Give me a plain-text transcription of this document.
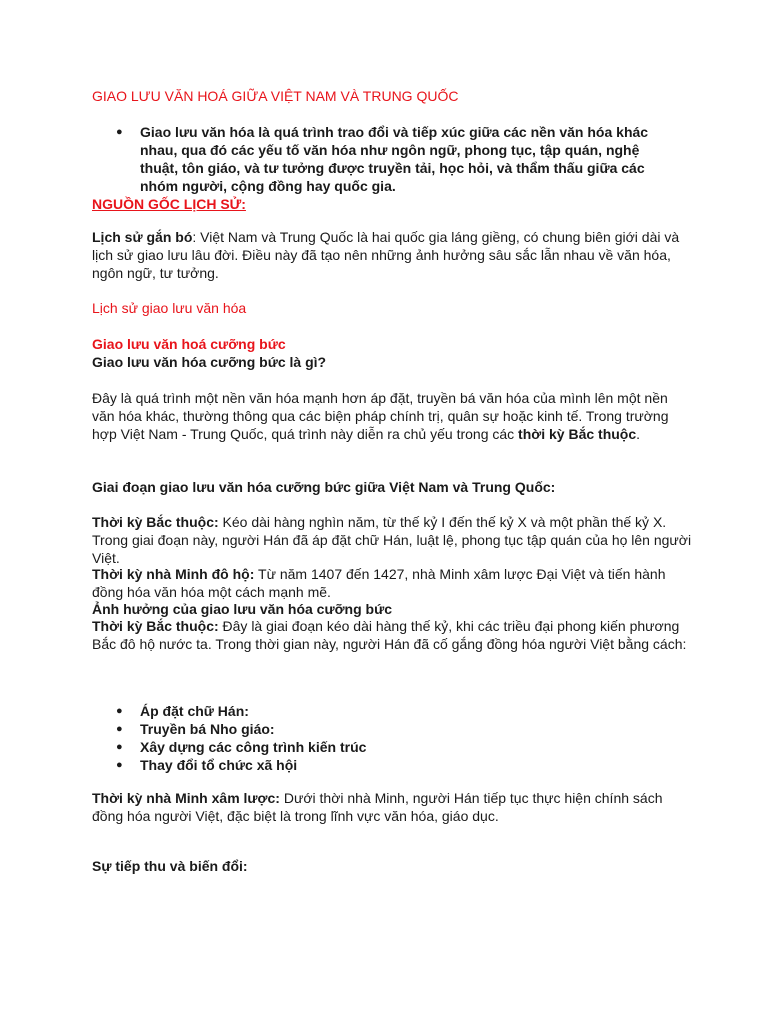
GIAO LƯU VĂN HOÁ GIỮA VIỆT NAM VÀ TRUNG QUỐC
● Giao lưu văn hóa là quá trình trao đổi và tiếp xúc giữa các nền văn hóa khác nhau, qua đó các yếu tố văn hóa như ngôn ngữ, phong tục, tập quán, nghệ thuật, tôn giáo, và tư tưởng được truyền tải, học hỏi, và thẩm thấu giữa các nhóm người, cộng đồng hay quốc gia.
NGUỒN GỐC LỊCH SỬ:
Lịch sử gắn bó: Việt Nam và Trung Quốc là hai quốc gia láng giềng, có chung biên giới dài và lịch sử giao lưu lâu đời. Điều này đã tạo nên những ảnh hưởng sâu sắc lẫn nhau về văn hóa, ngôn ngữ, tư tưởng.
Lịch sử giao lưu văn hóa
Giao lưu văn hoá cưỡng bức
Giao lưu văn hóa cưỡng bức là gì?
Đây là quá trình một nền văn hóa mạnh hơn áp đặt, truyền bá văn hóa của mình lên một nền văn hóa khác, thường thông qua các biện pháp chính trị, quân sự hoặc kinh tế. Trong trường hợp Việt Nam - Trung Quốc, quá trình này diễn ra chủ yếu trong các thời kỳ Bắc thuộc.
Giai đoạn giao lưu văn hóa cưỡng bức giữa Việt Nam và Trung Quốc:
Thời kỳ Bắc thuộc: Kéo dài hàng nghìn năm, từ thế kỷ I đến thế kỷ X và một phần thế kỷ X. Trong giai đoạn này, người Hán đã áp đặt chữ Hán, luật lệ, phong tục tập quán của họ lên người Việt.
Thời kỳ nhà Minh đô hộ: Từ năm 1407 đến 1427, nhà Minh xâm lược Đại Việt và tiến hành đồng hóa văn hóa một cách mạnh mẽ.
Ảnh hưởng của giao lưu văn hóa cưỡng bức
Thời kỳ Bắc thuộc: Đây là giai đoạn kéo dài hàng thế kỷ, khi các triều đại phong kiến phương Bắc đô hộ nước ta. Trong thời gian này, người Hán đã cố gắng đồng hóa người Việt bằng cách:
● Áp đặt chữ Hán:
● Truyền bá Nho giáo:
● Xây dựng các công trình kiến trúc
● Thay đổi tổ chức xã hội
Thời kỳ nhà Minh xâm lược: Dưới thời nhà Minh, người Hán tiếp tục thực hiện chính sách đồng hóa người Việt, đặc biệt là trong lĩnh vực văn hóa, giáo dục.
Sự tiếp thu và biến đổi:
